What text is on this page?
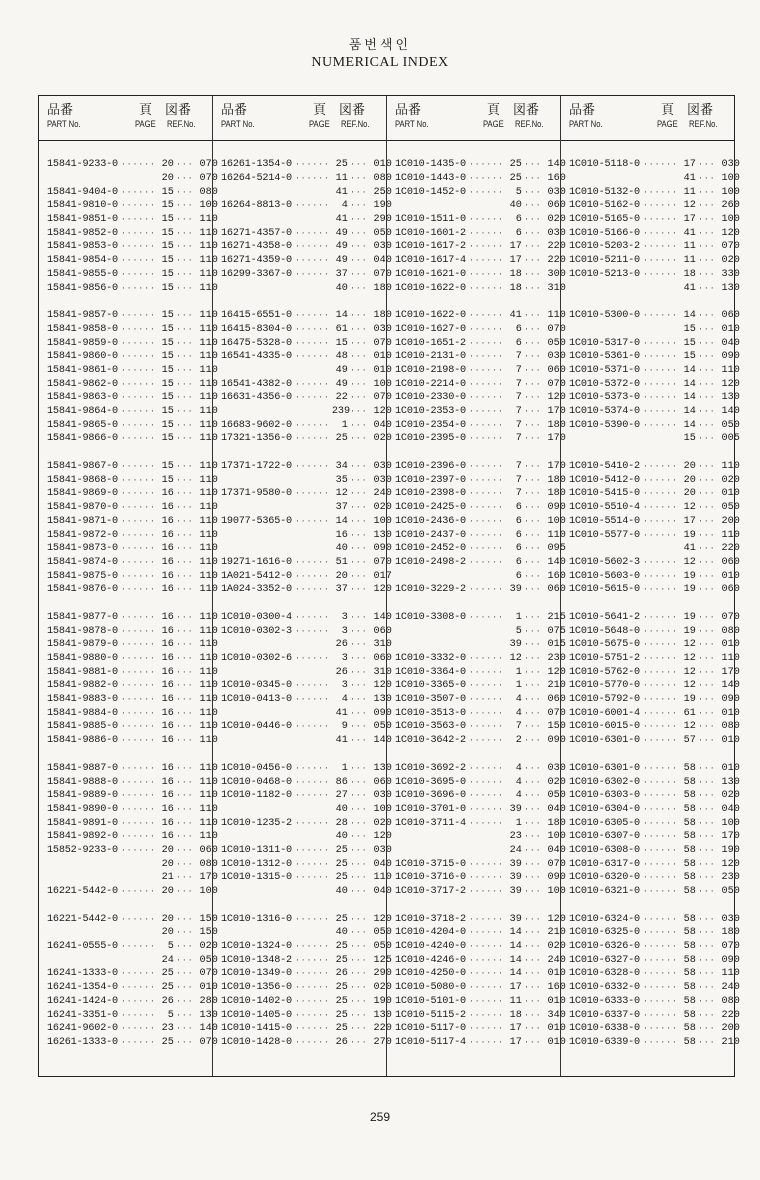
품번색인
NUMERICAL INDEX
品番
PART No.
頁
PAGE
図番
REF.No.
15841-9233-0 ······ 20 ··· 070
20 ··· 070
15841-9404-0 ······ 15 ··· 080
15841-9810-0 ······ 15 ··· 100
15841-9851-0 ······ 15 ··· 110
15841-9852-0 ······ 15 ··· 110
15841-9853-0 ······ 15 ··· 110
15841-9854-0 ······ 15 ··· 110
15841-9855-0 ······ 15 ··· 110
15841-9856-0 ······ 15 ··· 110
15841-9857-0 ······ 15 ··· 110
15841-9858-0 ······ 15 ··· 110
15841-9859-0 ······ 15 ··· 110
15841-9860-0 ······ 15 ··· 110
15841-9861-0 ······ 15 ··· 110
15841-9862-0 ······ 15 ··· 110
15841-9863-0 ······ 15 ··· 110
15841-9864-0 ······ 15 ··· 110
15841-9865-0 ······ 15 ··· 110
15841-9866-0 ······ 15 ··· 110
15841-9867-0 ······ 15 ··· 110
15841-9868-0 ······ 15 ··· 110
15841-9869-0 ······ 16 ··· 110
15841-9870-0 ······ 16 ··· 110
15841-9871-0 ······ 16 ··· 110
15841-9872-0 ······ 16 ··· 110
15841-9873-0 ······ 16 ··· 110
15841-9874-0 ······ 16 ··· 110
15841-9875-0 ······ 16 ··· 110
15841-9876-0 ······ 16 ··· 110
15841-9877-0 ······ 16 ··· 110
15841-9878-0 ······ 16 ··· 110
15841-9879-0 ······ 16 ··· 110
15841-9880-0 ······ 16 ··· 110
15841-9881-0 ······ 16 ··· 110
15841-9882-0 ······ 16 ··· 110
15841-9883-0 ······ 16 ··· 110
15841-9884-0 ······ 16 ··· 110
15841-9885-0 ······ 16 ··· 110
15841-9886-0 ······ 16 ··· 110
15841-9887-0 ······ 16 ··· 110
15841-9888-0 ······ 16 ··· 110
15841-9889-0 ······ 16 ··· 110
15841-9890-0 ······ 16 ··· 110
15841-9891-0 ······ 16 ··· 110
15841-9892-0 ······ 16 ··· 110
15852-9233-0 ······ 20 ··· 060
20 ··· 080
21 ··· 170
16221-5442-0 ······ 20 ··· 100
16221-5442-0 ······ 20 ··· 150
20 ··· 150
16241-0555-0 ······	5 ··· 020
24 ··· 050
16241-1333-0 ······ 25 ··· 070
16241-1354-0 ······ 25 ··· 010
16241-1424-0 ······ 26 ··· 280
16241-3351-0 ······	5 ··· 130
16241-9602-0 ······ 23 ··· 140
16261-1333-0 ······ 25 ··· 070
品番
PART No.
頁
PAGE
図番
REF.No.
16261-1354-0 ······ 25 ··· 010
16264-5214-0 ······ 11 ··· 080
41 ··· 250
16264-8813-0 ······	4 ··· 190
41 ··· 290
16271-4357-0 ······ 49 ··· 050
16271-4358-0 ······ 49 ··· 030
16271-4359-0 ······ 49 ··· 040
16299-3367-0 ······ 37 ··· 070
40 ··· 180
16415-6551-0 ······ 14 ··· 180
16415-8304-0 ······ 61 ··· 030
16475-5328-0 ······ 15 ··· 070
16541-4335-0 ······ 48 ··· 010
49 ··· 010
16541-4382-0 ······ 49 ··· 100
16631-4356-0 ······ 22 ··· 070
239 ··· 120
16683-9602-0 ······	1 ··· 040
17321-1356-0 ······ 25 ··· 020
17371-1722-0 ······ 34 ··· 030
35 ··· 030
17371-9580-0 ······ 12 ··· 240
37 ··· 020
19077-5365-0 ······ 14 ··· 100
16 ··· 130
40 ··· 090
19271-1616-0 ······ 51 ··· 070
1A021-5412-0 ······ 20 ··· 017
1A024-3352-0 ······ 37 ··· 120
1C010-0300-4 ······	3 ··· 140
1C010-0302-3 ······	3 ··· 060
26 ··· 310
1C010-0302-6 ······	3 ··· 060
26 ··· 310
1C010-0345-0 ······	3 ··· 120
1C010-0413-0 ······	4 ··· 130
41 ··· 090
1C010-0446-0 ······	9 ··· 050
41 ··· 140
1C010-0456-0 ······	1 ··· 130
1C010-0468-0 ······ 86 ··· 060
1C010-1182-0 ······ 27 ··· 030
40 ··· 100
1C010-1235-2 ······ 28 ··· 020
40 ··· 120
1C010-1311-0 ······ 25 ··· 030
1C010-1312-0 ······ 25 ··· 040
1C010-1315-0 ······ 25 ··· 110
40 ··· 040
1C010-1316-0 ······ 25 ··· 120
40 ··· 050
1C010-1324-0 ······ 25 ··· 050
1C010-1348-2 ······ 25 ··· 125
1C010-1349-0 ······ 26 ··· 290
1C010-1356-0 ······ 25 ··· 020
1C010-1402-0 ······ 25 ··· 190
1C010-1405-0 ······ 25 ··· 130
1C010-1415-0 ······ 25 ··· 220
1C010-1428-0 ······ 26 ··· 270
品番
PART No.
頁
PAGE
図番
REF.No.
1C010-1435-0 ······ 25 ··· 140
1C010-1443-0 ······ 25 ··· 160
1C010-1452-0 ······	5 ··· 030
40 ··· 060
1C010-1511-0 ······	6 ··· 020
1C010-1601-2 ······	6 ··· 030
1C010-1617-2 ······ 17 ··· 220
1C010-1617-4 ······ 17 ··· 220
1C010-1621-0 ······ 18 ··· 300
1C010-1622-0 ······ 18 ··· 310
1C010-1622-0 ······ 41 ··· 110
1C010-1627-0 ······	6 ··· 070
1C010-1651-2 ······	6 ··· 050
1C010-2131-0 ······	7 ··· 030
1C010-2198-0 ······	7 ··· 060
1C010-2214-0 ······	7 ··· 070
1C010-2330-0 ······	7 ··· 120
1C010-2353-0 ······	7 ··· 170
1C010-2354-0 ······	7 ··· 180
1C010-2395-0 ······	7 ··· 170
1C010-2396-0 ······	7 ··· 170
1C010-2397-0 ······	7 ··· 180
1C010-2398-0 ······	7 ··· 180
1C010-2425-0 ······	6 ··· 090
1C010-2436-0 ······	6 ··· 100
1C010-2437-0 ······	6 ··· 110
1C010-2452-0 ······	6 ··· 095
1C010-2498-2 ······	6 ··· 140
6 ··· 160
1C010-3229-2 ······ 39 ··· 060
1C010-3308-0 ······	1 ··· 215
5 ··· 075
39 ··· 015
1C010-3332-0 ······ 12 ··· 230
1C010-3364-0 ······	1 ··· 120
1C010-3365-0 ······	1 ··· 210
1C010-3507-0 ······	4 ··· 060
1C010-3513-0 ······	4 ··· 070
1C010-3563-0 ······	7 ··· 150
1C010-3642-2 ······	2 ··· 090
1C010-3692-2 ······	4 ··· 030
1C010-3695-0 ······	4 ··· 020
1C010-3696-0 ······	4 ··· 050
1C010-3701-0 ······ 39 ··· 040
1C010-3711-4 ······	1 ··· 180
23 ··· 100
24 ··· 040
1C010-3715-0 ······ 39 ··· 070
1C010-3716-0 ······ 39 ··· 090
1C010-3717-2 ······ 39 ··· 100
1C010-3718-2 ······ 39 ··· 120
1C010-4204-0 ······ 14 ··· 210
1C010-4240-0 ······ 14 ··· 020
1C010-4246-0 ······ 14 ··· 240
1C010-4250-0 ······ 14 ··· 010
1C010-5080-0 ······ 17 ··· 160
1C010-5101-0 ······ 11 ··· 010
1C010-5115-2 ······ 18 ··· 340
1C010-5117-0 ······ 17 ··· 010
1C010-5117-4 ······ 17 ··· 010
品番
PART No.
頁
PAGE
図番
REF.No.
1C010-5118-0 ······ 17 ··· 030
41 ··· 100
1C010-5132-0 ······ 11 ··· 100
1C010-5162-0 ······ 12 ··· 260
1C010-5165-0 ······ 17 ··· 100
1C010-5166-0 ······ 41 ··· 120
1C010-5203-2 ······ 11 ··· 070
1C010-5211-0 ······ 11 ··· 020
1C010-5213-0 ······ 18 ··· 330
41 ··· 130
1C010-5300-0 ······ 14 ··· 060
15 ··· 010
1C010-5317-0 ······ 15 ··· 040
1C010-5361-0 ······ 15 ··· 090
1C010-5371-0 ······ 14 ··· 110
1C010-5372-0 ······ 14 ··· 120
1C010-5373-0 ······ 14 ··· 130
1C010-5374-0 ······ 14 ··· 140
1C010-5390-0 ······ 14 ··· 050
15 ··· 005
1C010-5410-2 ······ 20 ··· 110
1C010-5412-0 ······ 20 ··· 020
1C010-5415-0 ······ 20 ··· 010
1C010-5510-4 ······ 12 ··· 050
1C010-5514-0 ······ 17 ··· 200
1C010-5577-0 ······ 19 ··· 110
41 ··· 220
1C010-5602-3 ······ 12 ··· 060
1C010-5603-0 ······ 19 ··· 010
1C010-5615-0 ······ 19 ··· 060
1C010-5641-2 ······ 19 ··· 070
1C010-5648-0 ······ 19 ··· 080
1C010-5675-0 ······ 12 ··· 010
1C010-5751-2 ······ 12 ··· 110
1C010-5762-0 ······ 12 ··· 170
1C010-5770-0 ······ 12 ··· 140
1C010-5792-0 ······ 19 ··· 090
1C010-6001-4 ······ 61 ··· 010
1C010-6015-0 ······ 12 ··· 080
1C010-6301-0 ······ 57 ··· 010
1C010-6301-0 ······ 58 ··· 010
1C010-6302-0 ······ 58 ··· 130
1C010-6303-0 ······ 58 ··· 020
1C010-6304-0 ······ 58 ··· 040
1C010-6305-0 ······ 58 ··· 100
1C010-6307-0 ······ 58 ··· 170
1C010-6308-0 ······ 58 ··· 190
1C010-6317-0 ······ 58 ··· 120
1C010-6320-0 ······ 58 ··· 230
1C010-6321-0 ······ 58 ··· 050
1C010-6324-0 ······ 58 ··· 030
1C010-6325-0 ······ 58 ··· 180
1C010-6326-0 ······ 58 ··· 070
1C010-6327-0 ······ 58 ··· 090
1C010-6328-0 ······ 58 ··· 110
1C010-6332-0 ······ 58 ··· 240
1C010-6333-0 ······ 58 ··· 080
1C010-6337-0 ······ 58 ··· 220
1C010-6338-0 ······ 58 ··· 200
1C010-6339-0 ······ 58 ··· 210
259
